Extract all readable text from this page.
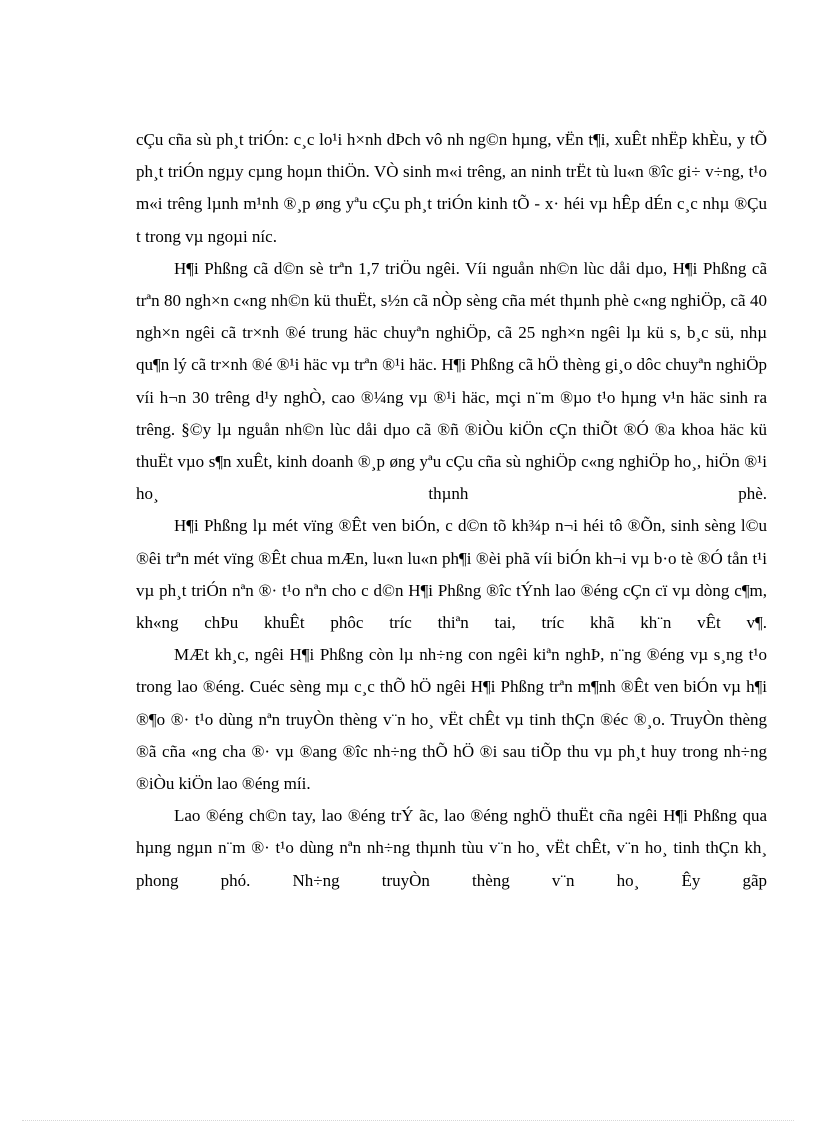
cÇu cña sù ph¸t triÓn: c¸c lo¹i h×nh dÞch vô nh ng©n hµng, vËn t¶i, xuÊt nhËp khÈu, y tÕ ph¸t triÓn ngµy cµng hoµn thiÖn. VÒ sinh m«i trêng, an ninh trËt tù lu«n ®îc gi÷ v÷ng, t¹o m«i trêng lµnh m¹nh ®¸p øng yªu cÇu ph¸t triÓn kinh tÕ - x· héi vµ hÊp dÉn c¸c nhµ ®Çu t trong vµ ngoµi níc.

H¶i Phßng cã d©n sè trªn 1,7 triÖu ngêi. Víi nguån nh©n lùc dåi dµo, H¶i Phßng cã trªn 80 ngh×n c«ng nh©n kü thuËt, s½n cã nÒp sèng cña mét thµnh phè c«ng nghiÖp, cã 40 ngh×n ngêi cã tr×nh ®é trung häc chuyªn nghiÖp, cã 25 ngh×n ngêi lµ kü s, b¸c sü, nhµ qu¶n lý cã tr×nh ®é ®¹i häc vµ trªn ®¹i häc. H¶i Phßng cã hÖ thèng gi¸o dôc chuyªn nghiÖp víi h¬n 30 trêng d¹y nghÒ, cao ®¼ng vµ ®¹i häc, mçi n¨m ®µo t¹o hµng v¹n häc sinh ra trêng. §©y lµ nguån nh©n lùc dåi dµo cã ®ñ ®iÒu kiÖn cÇn thiÕt ®Ó ®a khoa häc kü thuËt vµo s¶n xuÊt, kinh doanh ®¸p øng yªu cÇu cña sù nghiÖp c«ng nghiÖp ho¸, hiÖn ®¹i ho¸ thµnh phè.

H¶i Phßng lµ mét vïng ®Êt ven biÓn, c d©n tõ kh¾p n¬i héi tô ®Õn, sinh sèng l©u ®êi trªn mét vïng ®Êt chua mÆn, lu«n lu«n ph¶i ®èi phã víi biÓn kh¬i vµ b·o tè ®Ó tån t¹i vµ ph¸t triÓn nªn ®· t¹o nªn cho c d©n H¶i Phßng ®îc tÝnh lao ®éng cÇn cï vµ dòng c¶m, kh«ng chÞu khuÊt phôc tríc thiªn tai, tríc khã kh¨n vÊt v¶.

MÆt kh¸c, ngêi H¶i Phßng còn lµ nh÷ng con ngêi kiªn nghÞ, n¨ng ®éng vµ s¸ng t¹o trong lao ®éng. Cuéc sèng mµ c¸c thÕ hÖ ngêi H¶i Phßng trªn m¶nh ®Êt ven biÓn vµ h¶i ®¶o ®· t¹o dùng nªn truyÒn thèng v¨n ho¸ vËt chÊt vµ tinh thÇn ®éc ®¸o. TruyÒn thèng ®ã cña «ng cha ®· vµ ®ang ®îc nh÷ng thÕ hÖ ®i sau tiÕp thu vµ ph¸t huy trong nh÷ng ®iÒu kiÖn lao ®éng míi.

Lao ®éng ch©n tay, lao ®éng trÝ ãc, lao ®éng nghÖ thuËt cña ngêi H¶i Phßng qua hµng ngµn n¨m ®· t¹o dùng nªn nh÷ng thµnh tùu v¨n ho¸ vËt chÊt, v¨n ho¸ tinh thÇn kh¸ phong phó. Nh÷ng truyÒn thèng v¨n ho¸ Êy gãp
